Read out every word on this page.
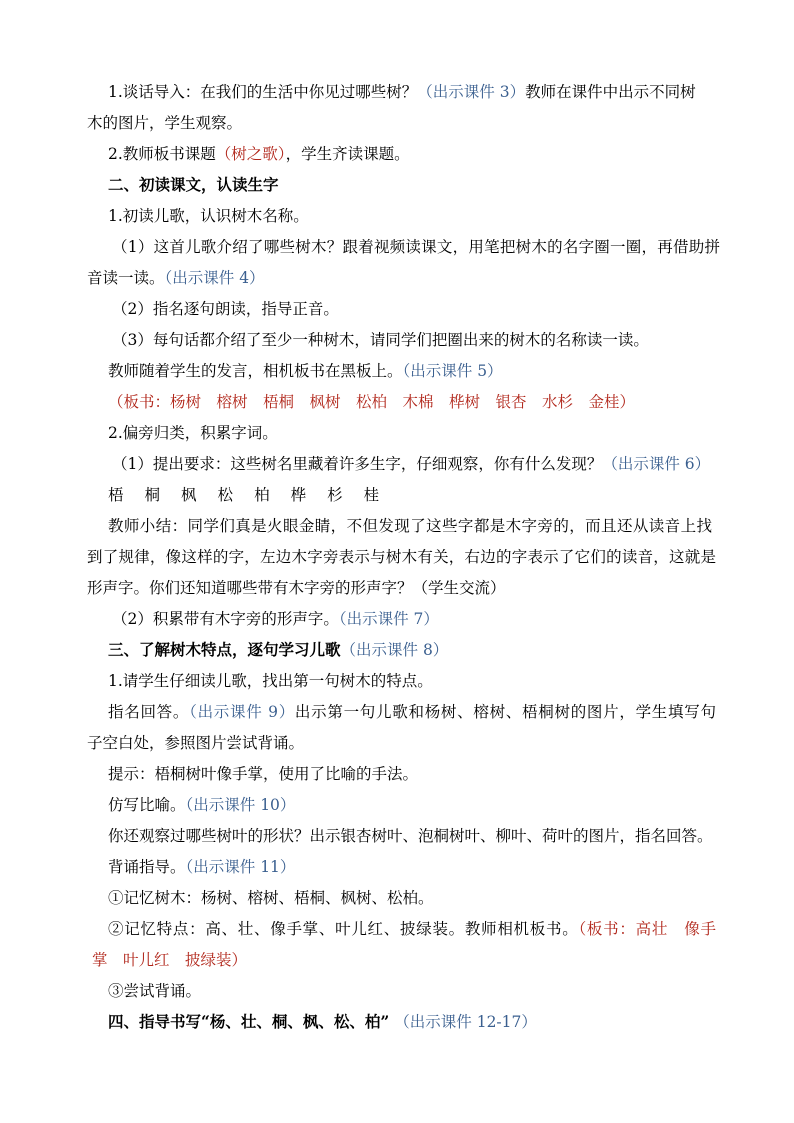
1.谈话导入：在我们的生活中你见过哪些树？（出示课件 3）教师在课件中出示不同树
木的图片，学生观察。
2.教师板书课题（树之歌），学生齐读课题。
二、初读课文，认读生字
1.初读儿歌，认识树木名称。
（1）这首儿歌介绍了哪些树木？跟着视频读课文，用笔把树木的名字圈一圈，再借助拼
音读一读。（出示课件 4）
（2）指名逐句朗读，指导正音。
（3）每句话都介绍了至少一种树木，请同学们把圈出来的树木的名称读一读。
教师随着学生的发言，相机板书在黑板上。（出示课件 5）
（板书：杨树　榕树　梧桐　枫树　松柏　木棉　桦树　银杏　水杉　金桂）
2.偏旁归类，积累字词。
（1）提出要求：这些树名里藏着许多生字，仔细观察，你有什么发现？（出示课件 6）
梧 桐 枫 松 柏 桦 杉 桂
教师小结：同学们真是火眼金睛，不但发现了这些字都是木字旁的，而且还从读音上找
到了规律，像这样的字，左边木字旁表示与树木有关，右边的字表示了它们的读音，这就是
形声字。你们还知道哪些带有木字旁的形声字？（学生交流）
（2）积累带有木字旁的形声字。（出示课件 7）
三、了解树木特点，逐句学习儿歌（出示课件 8）
1.请学生仔细读儿歌，找出第一句树木的特点。
指名回答。（出示课件 9）出示第一句儿歌和杨树、榕树、梧桐树的图片，学生填写句
子空白处，参照图片尝试背诵。
提示：梧桐树叶像手掌，使用了比喻的手法。
仿写比喻。（出示课件 10）
你还观察过哪些树叶的形状？出示银杏树叶、泡桐树叶、柳叶、荷叶的图片，指名回答。
背诵指导。（出示课件 11）
①记忆树木：杨树、榕树、梧桐、枫树、松柏。
②记忆特点：高、壮、像手掌、叶儿红、披绿装。教师相机板书。（板书：高壮　像手
掌　叶儿红　披绿装）
③尝试背诵。
四、指导书写“杨、壮、桐、枫、松、柏” （出示课件 12-17）
